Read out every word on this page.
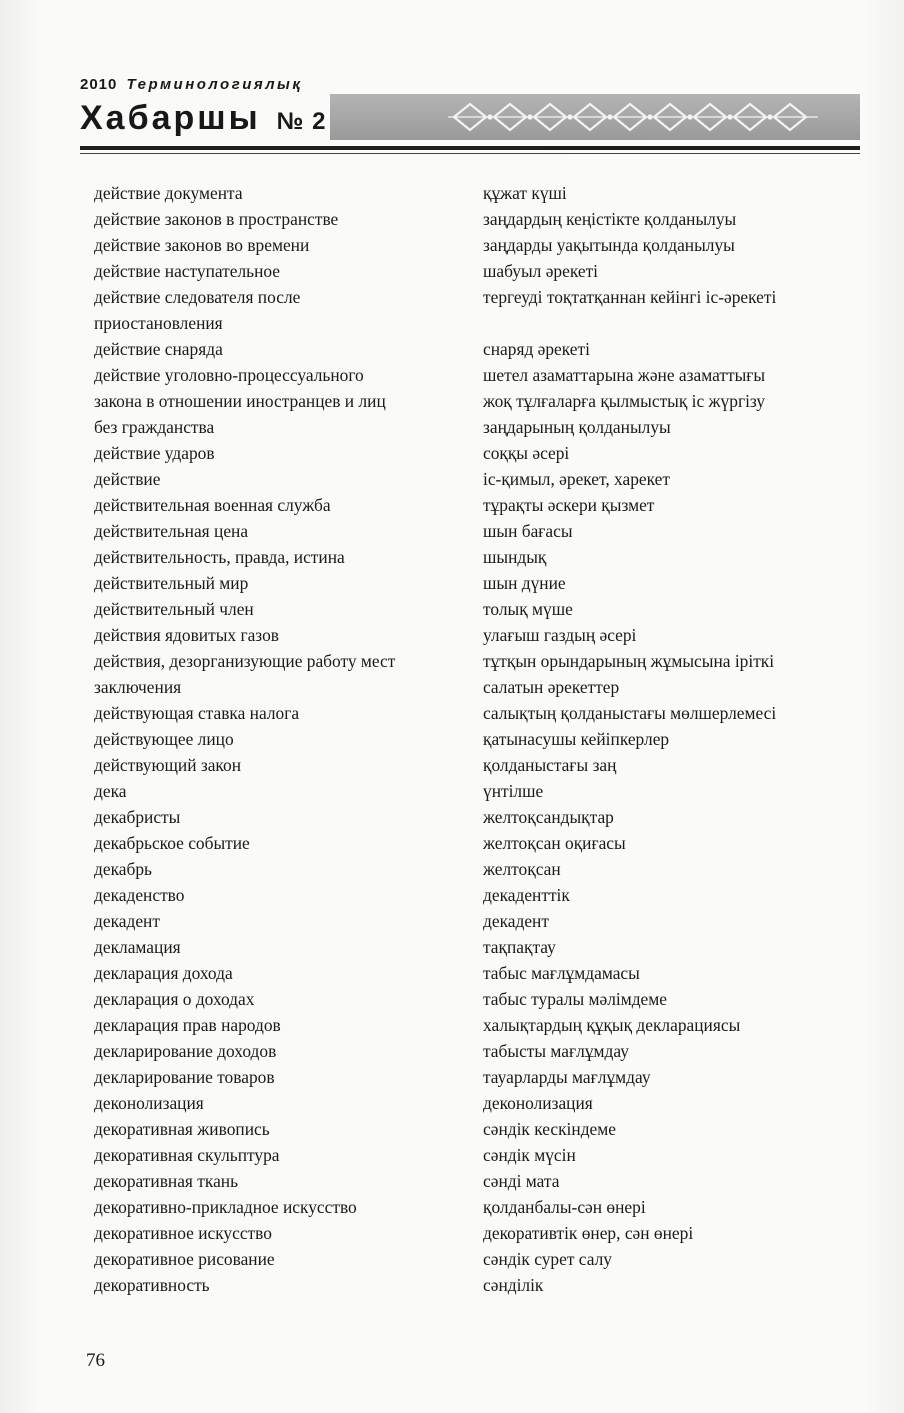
2010 Терминологиялық
Хабаршы № 2
действие документа	құжат күші
действие законов в пространстве	заңдардың кеңістікте қолданылуы
действие законов во времени	заңдарды уақытында қолданылуы
действие наступательное	шабуыл әрекеті
действие следователя после	тергеуді тоқтатқаннан кейінгі іс-әрекеті
приостановления
действие снаряда	снаряд әрекеті
действие уголовно-процессуального	шетел азаматтарына және азаматтығы
закона в отношении иностранцев и лиц	жоқ тұлғаларға қылмыстық іс жүргізу
без гражданства	заңдарының қолданылуы
действие ударов	соққы әсері
действие	іс-қимыл, әрекет, харекет
действительная военная служба	тұрақты әскери қызмет
действительная цена	шын бағасы
действительность, правда, истина	шындық
действительный мир	шын дүние
действительный член	толық мүше
действия ядовитых газов	улағыш газдың әсері
действия, дезорганизующие работу мест	тұтқын орындарының жұмысына іріткі
заключения	салатын әрекеттер
действующая ставка налога	салықтың қолданыстағы мөлшерлемесі
действующее лицо	қатынасушы кейіпкерлер
действующий закон	қолданыстағы заң
дека	үнтілше
декабристы	желтоқсандықтар
декабрьское событие	желтоқсан оқиғасы
декабрь	желтоқсан
декаденство	декаденттік
декадент	декадент
декламация	тақпақтау
декларация дохода	табыс мағлұмдамасы
декларация о доходах	табыс туралы мәлімдеме
декларация прав народов	халықтардың құқық декларациясы
декларирование доходов	табысты мағлұмдау
декларирование товаров	тауарларды мағлұмдау
деконолизация	деконолизация
декоративная живопись	сәндік кескіндеме
декоративная скульптура	сәндік мүсін
декоративная ткань	сәнді мата
декоративно-прикладное искусство	қолданбалы-сән өнері
декоративное искусство	декоративтік өнер, сән өнері
декоративное рисование	сәндік сурет салу
декоративность	сәнділік
76
